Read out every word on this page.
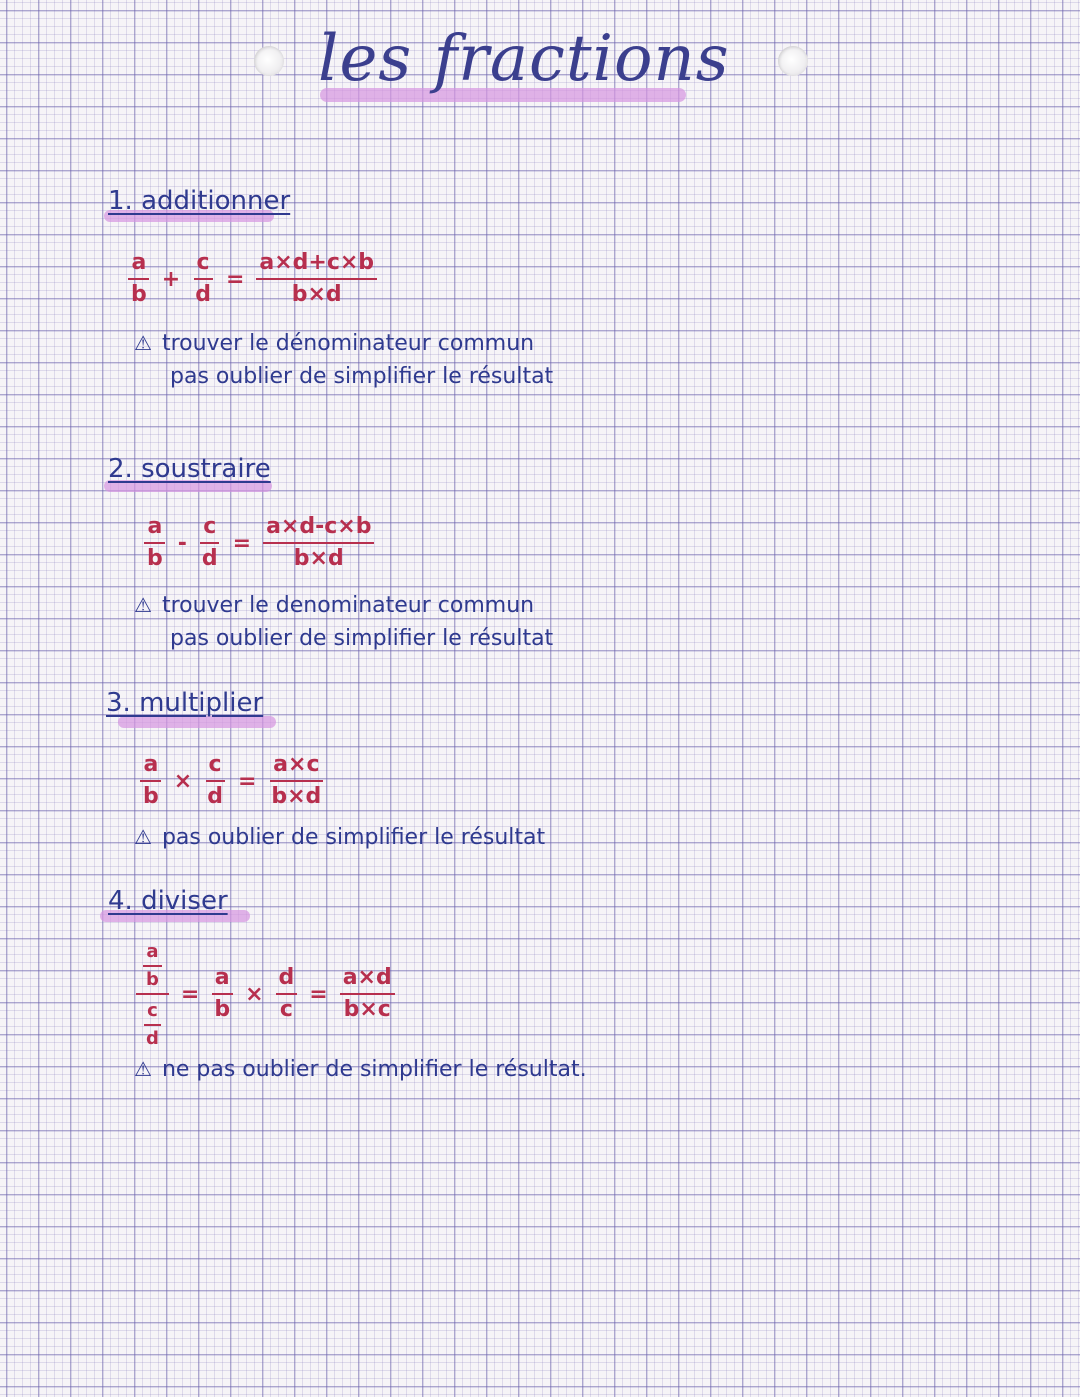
les fractions
1. additionner
$\frac{a}{b} + \frac{c}{d} = \frac{a\times d+c\times b}{b\times d}$
⚠ trouver le dénominateur commun
pas oublier de simplifier le résultat
2. soustraire
$\frac{a}{b} - \frac{c}{d} = \frac{a\times d-c\times b}{b\times d}$
⚠ trouver le denominateur commun
pas oublier de simplifier le résultat
3. multiplier
$\frac{a}{b} \times \frac{c}{d} = \frac{a\times c}{b\times d}$
⚠ pas oublier de simplifier le résultat
4. diviser
$\frac{\frac{a}{b}}{\frac{c}{d}} = \frac{a}{b} \times \frac{d}{c} = \frac{a\times d}{b\times c}$
⚠ ne pas oublier de simplifier le résultat.
